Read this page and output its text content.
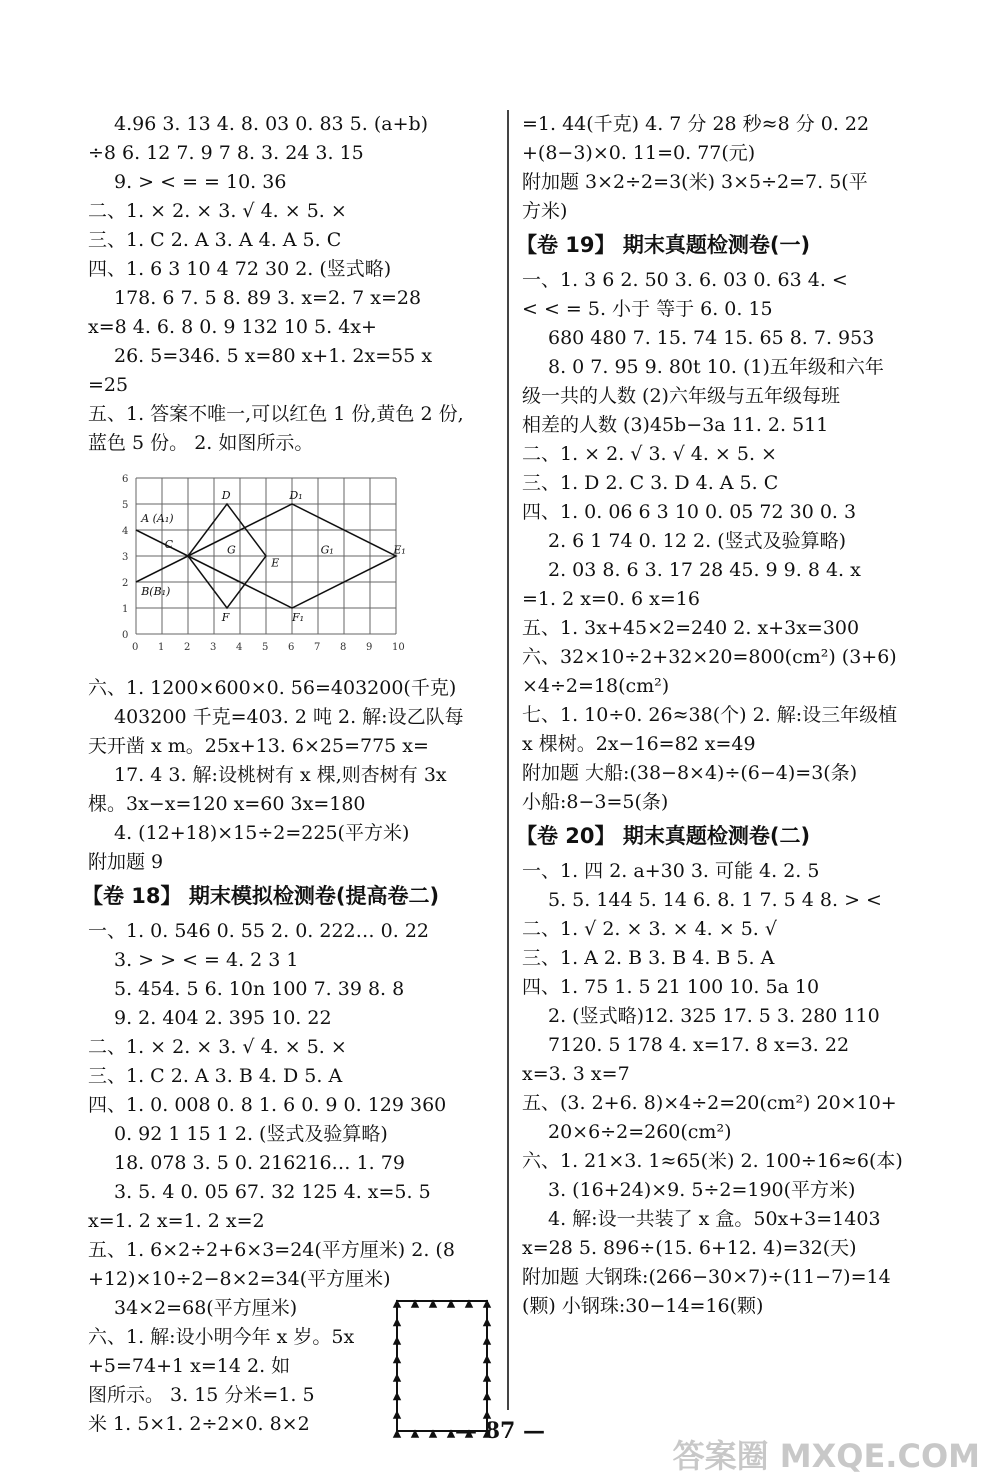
4.96 3. 13 4. 8. 03 0. 83 5. (a+b)
÷8 6. 12 7. 9 7 8. 3. 24 3. 15
9. > < = = 10. 36
二、1. × 2. × 3. √ 4. × 5. ×
三、1. C 2. A 3. A 4. A 5. C
四、1. 6 3 10 4 72 30 2. (竖式略)
178. 6 7. 5 8. 89 3. x=2. 7 x=28
x=8 4. 6. 8 0. 9 132 10 5. 4x+
26. 5=346. 5 x=80 x+1. 2x=55 x
=25
五、1. 答案不唯一,可以红色 1 份,黄色 2 份,
蓝色 5 份。 2. 如图所示。
0 1 2 3 4 5 6 7 8 9 10
0
1
2
3
4
5
6
A (A₁)
B(B₁)
C
D	D₁
G	G₁
E
E₁
F	F₁
六、1. 1200×600×0. 56=403200(千克)
403200 千克=403. 2 吨 2. 解:设乙队每
天开凿 x m。25x+13. 6×25=775 x=
17. 4 3. 解:设桃树有 x 棵,则杏树有 3x
棵。3x−x=120 x=60 3x=180
4. (12+18)×15÷2=225(平方米)
附加题 9
【卷 18】 期末模拟检测卷(提高卷二)
一、1. 0. 546 0. 55 2. 0. 222… 0. 22
3. > > < = 4. 2 3 1
5. 454. 5 6. 10n 100 7. 39 8. 8
9. 2. 404 2. 395 10. 22
二、1. × 2. × 3. √ 4. × 5. ×
三、1. C 2. A 3. B 4. D 5. A
四、1. 0. 008 0. 8 1. 6 0. 9 0. 129 360
0. 92 1 15 1 2. (竖式及验算略)
18. 078 3. 5 0. 216216… 1. 79
3. 5. 4 0. 05 67. 32 125 4. x=5. 5
x=1. 2 x=1. 2 x=2
五、1. 6×2÷2+6×3=24(平方厘米) 2. (8
+12)×10÷2−8×2=34(平方厘米)
34×2=68(平方厘米)
六、1. 解:设小明今年 x 岁。5x
+5=74+1 x=14 2. 如
图所示。 3. 15 分米=1. 5
米 1. 5×1. 2÷2×0. 8×2
=1. 44(千克) 4. 7 分 28 秒≈8 分 0. 22
+(8−3)×0. 11=0. 77(元)
附加题 3×2÷2=3(米) 3×5÷2=7. 5(平
方米)
【卷 19】 期末真题检测卷(一)
一、1. 3 6 2. 50 3. 6. 03 0. 63 4. <
< < = 5. 小于 等于 6. 0. 15
680 480 7. 15. 74 15. 65 8. 7. 953
8. 0 7. 95 9. 80t 10. (1)五年级和六年
级一共的人数 (2)六年级与五年级每班
相差的人数 (3)45b−3a 11. 2. 511
二、1. × 2. √ 3. √ 4. × 5. ×
三、1. D 2. C 3. D 4. A 5. C
四、1. 0. 06 6 3 10 0. 05 72 30 0. 3
2. 6 1 74 0. 12 2. (竖式及验算略)
2. 03 8. 6 3. 17 28 45. 9 9. 8 4. x
=1. 2 x=0. 6 x=16
五、1. 3x+45×2=240 2. x+3x=300
六、32×10÷2+32×20=800(cm²) (3+6)
×4÷2=18(cm²)
七、1. 10÷0. 26≈38(个) 2. 解:设三年级植
x 棵树。2x−16=82 x=49
附加题 大船:(38−8×4)÷(6−4)=3(条)
小船:8−3=5(条)
【卷 20】 期末真题检测卷(二)
一、1. 四 2. a+30 3. 可能 4. 2. 5
5. 5. 144 5. 14 6. 8. 1 7. 5 4 8. > <
二、1. √ 2. × 3. × 4. × 5. √
三、1. A 2. B 3. B 4. B 5. A
四、1. 75 1. 5 21 100 10. 5a 10
2. (竖式略)12. 325 17. 5 3. 280 110
7120. 5 178 4. x=17. 8 x=3. 22
x=3. 3 x=7
五、(3. 2+6. 8)×4÷2=20(cm²) 20×10+
20×6÷2=260(cm²)
六、1. 21×3. 1≈65(米) 2. 100÷16≈6(本)
3. (16+24)×9. 5÷2=190(平方米)
4. 解:设一共装了 x 盒。50x+3=1403
x=28 5. 896÷(15. 6+12. 4)=32(天)
附加题 大钢珠:(266−30×7)÷(11−7)=14
(颗) 小钢珠:30−14=16(颗)
— 87 —
答案圈 MXQE.COM
